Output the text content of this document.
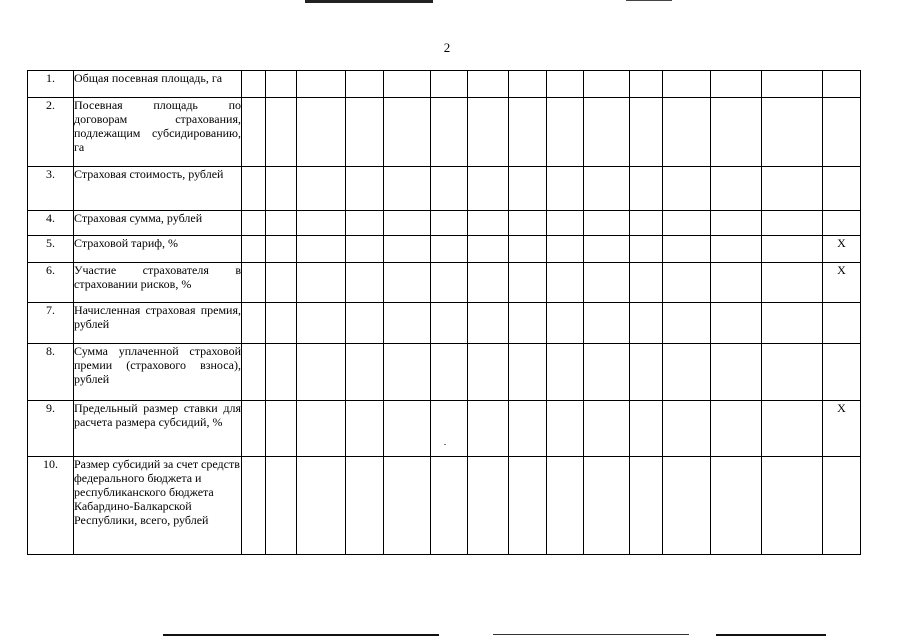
2
1.	Общая посевная площадь, га															
2.	Посевная площадь по договорам страхования, подлежащим субсидированию, га															
3.	Страховая стоимость, рублей															
4.	Страховая сумма, рублей															
5.	Страховой тариф, %															X
6.	Участие страхователя в страховании рисков, %															X
7.	Начисленная страховая премия, рублей															
8.	Сумма уплаченной страховой премии (страхового взноса), рублей															
9.	Предельный размер ставки для расчета размера субсидий, %															X
10.	Размер субсидий за счет средств федерального бюджета и республиканского бюджета Кабардино-Балкарской Республики, всего, рублей															
